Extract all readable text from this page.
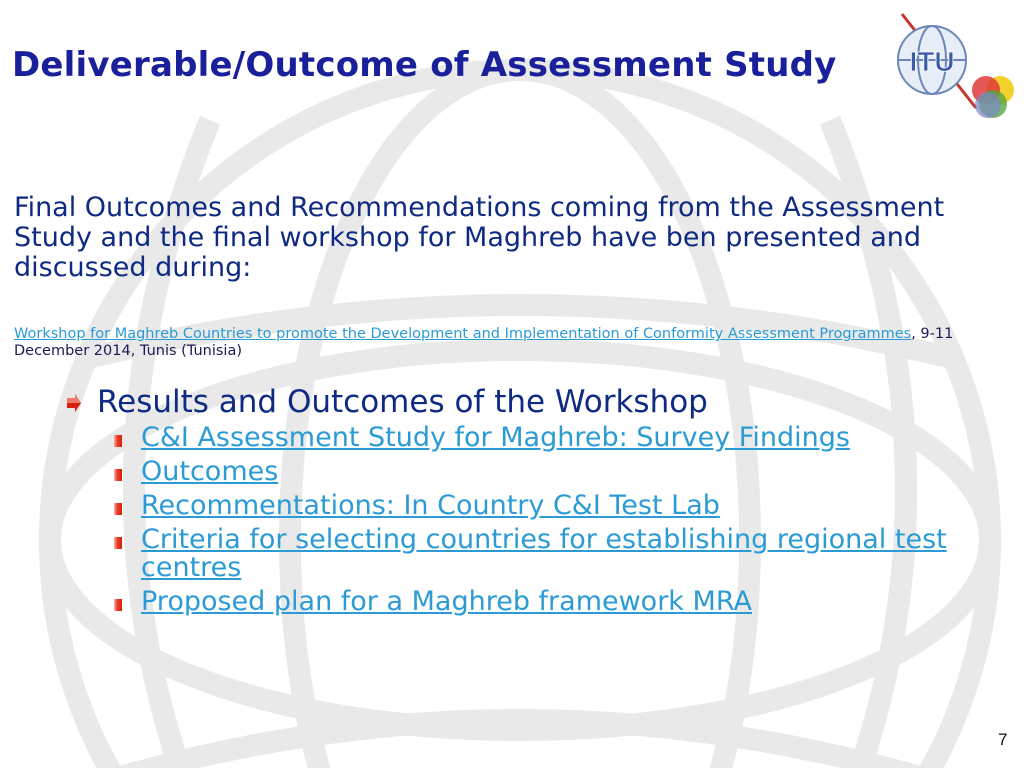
Deliverable/Outcome of Assessment Study	ITU

Final Outcomes and Recommendations coming from the Assessment Study and the final workshop for Maghreb have ben presented and discussed during:

Workshop for Maghreb Countries to promote the Development and Implementation of Conformity Assessment Programmes, 9-11 December 2014, Tunis (Tunisia)

Results and Outcomes of the Workshop
C&I Assessment Study for Maghreb: Survey Findings
Outcomes
Recommentations: In Country C&I Test Lab
Criteria for selecting countries for establishing regional test centres
Proposed plan for a Maghreb framework MRA
7
